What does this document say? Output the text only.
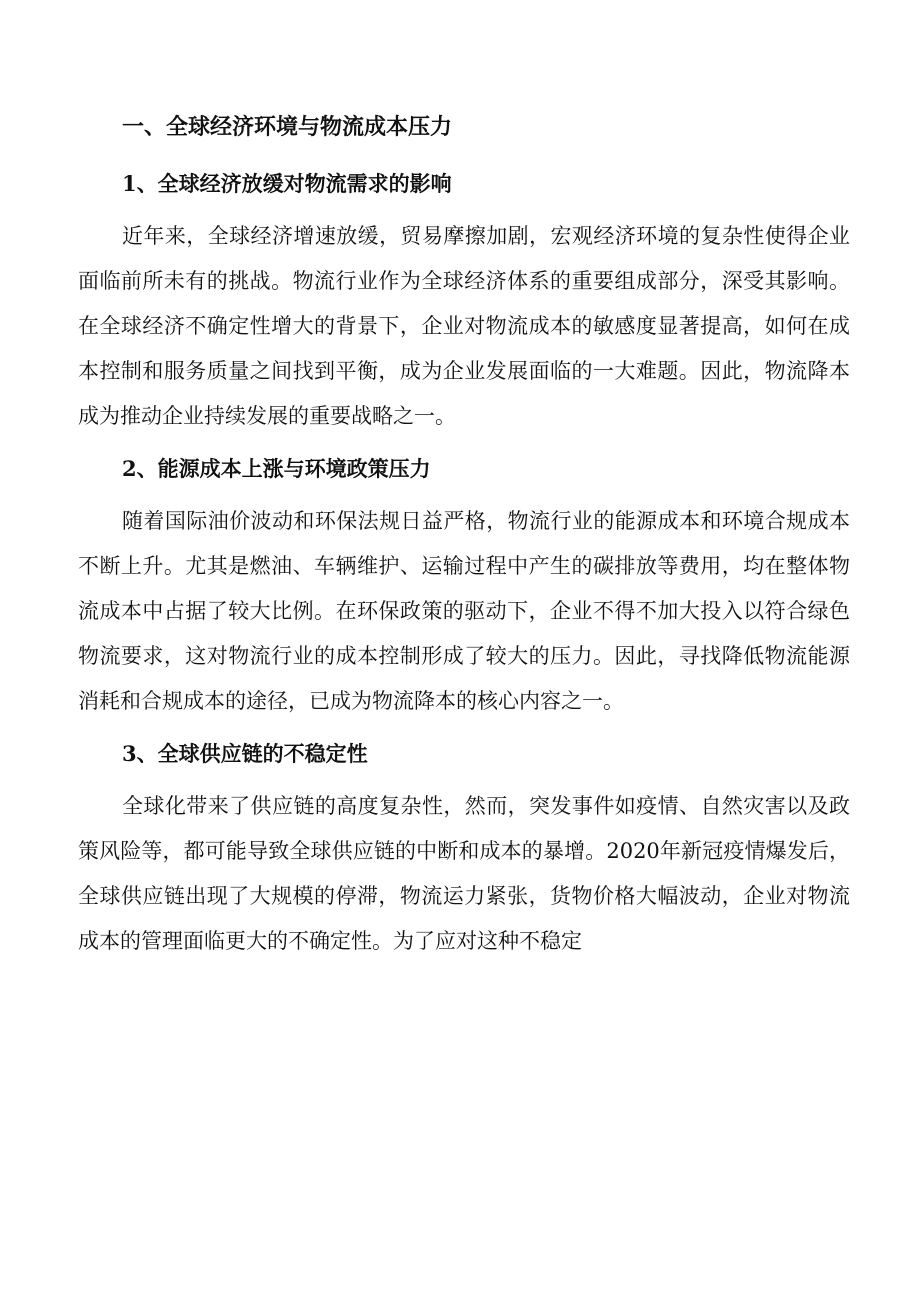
一、全球经济环境与物流成本压力
1、全球经济放缓对物流需求的影响

近年来，全球经济增速放缓，贸易摩擦加剧，宏观经济环境的复杂性使得企业面临前所未有的挑战。物流行业作为全球经济体系的重要组成部分，深受其影响。在全球经济不确定性增大的背景下，企业对物流成本的敏感度显著提高，如何在成本控制和服务质量之间找到平衡，成为企业发展面临的一大难题。因此，物流降本成为推动企业持续发展的重要战略之一。

2、能源成本上涨与环境政策压力

随着国际油价波动和环保法规日益严格，物流行业的能源成本和环境合规成本不断上升。尤其是燃油、车辆维护、运输过程中产生的碳排放等费用，均在整体物流成本中占据了较大比例。在环保政策的驱动下，企业不得不加大投入以符合绿色物流要求，这对物流行业的成本控制形成了较大的压力。因此，寻找降低物流能源消耗和合规成本的途径，已成为物流降本的核心内容之一。

3、全球供应链的不稳定性

全球化带来了供应链的高度复杂性，然而，突发事件如疫情、自然灾害以及政策风险等，都可能导致全球供应链的中断和成本的暴增。2020年新冠疫情爆发后，全球供应链出现了大规模的停滞，物流运力紧张，货物价格大幅波动，企业对物流成本的管理面临更大的不确定性。为了应对这种不稳定
